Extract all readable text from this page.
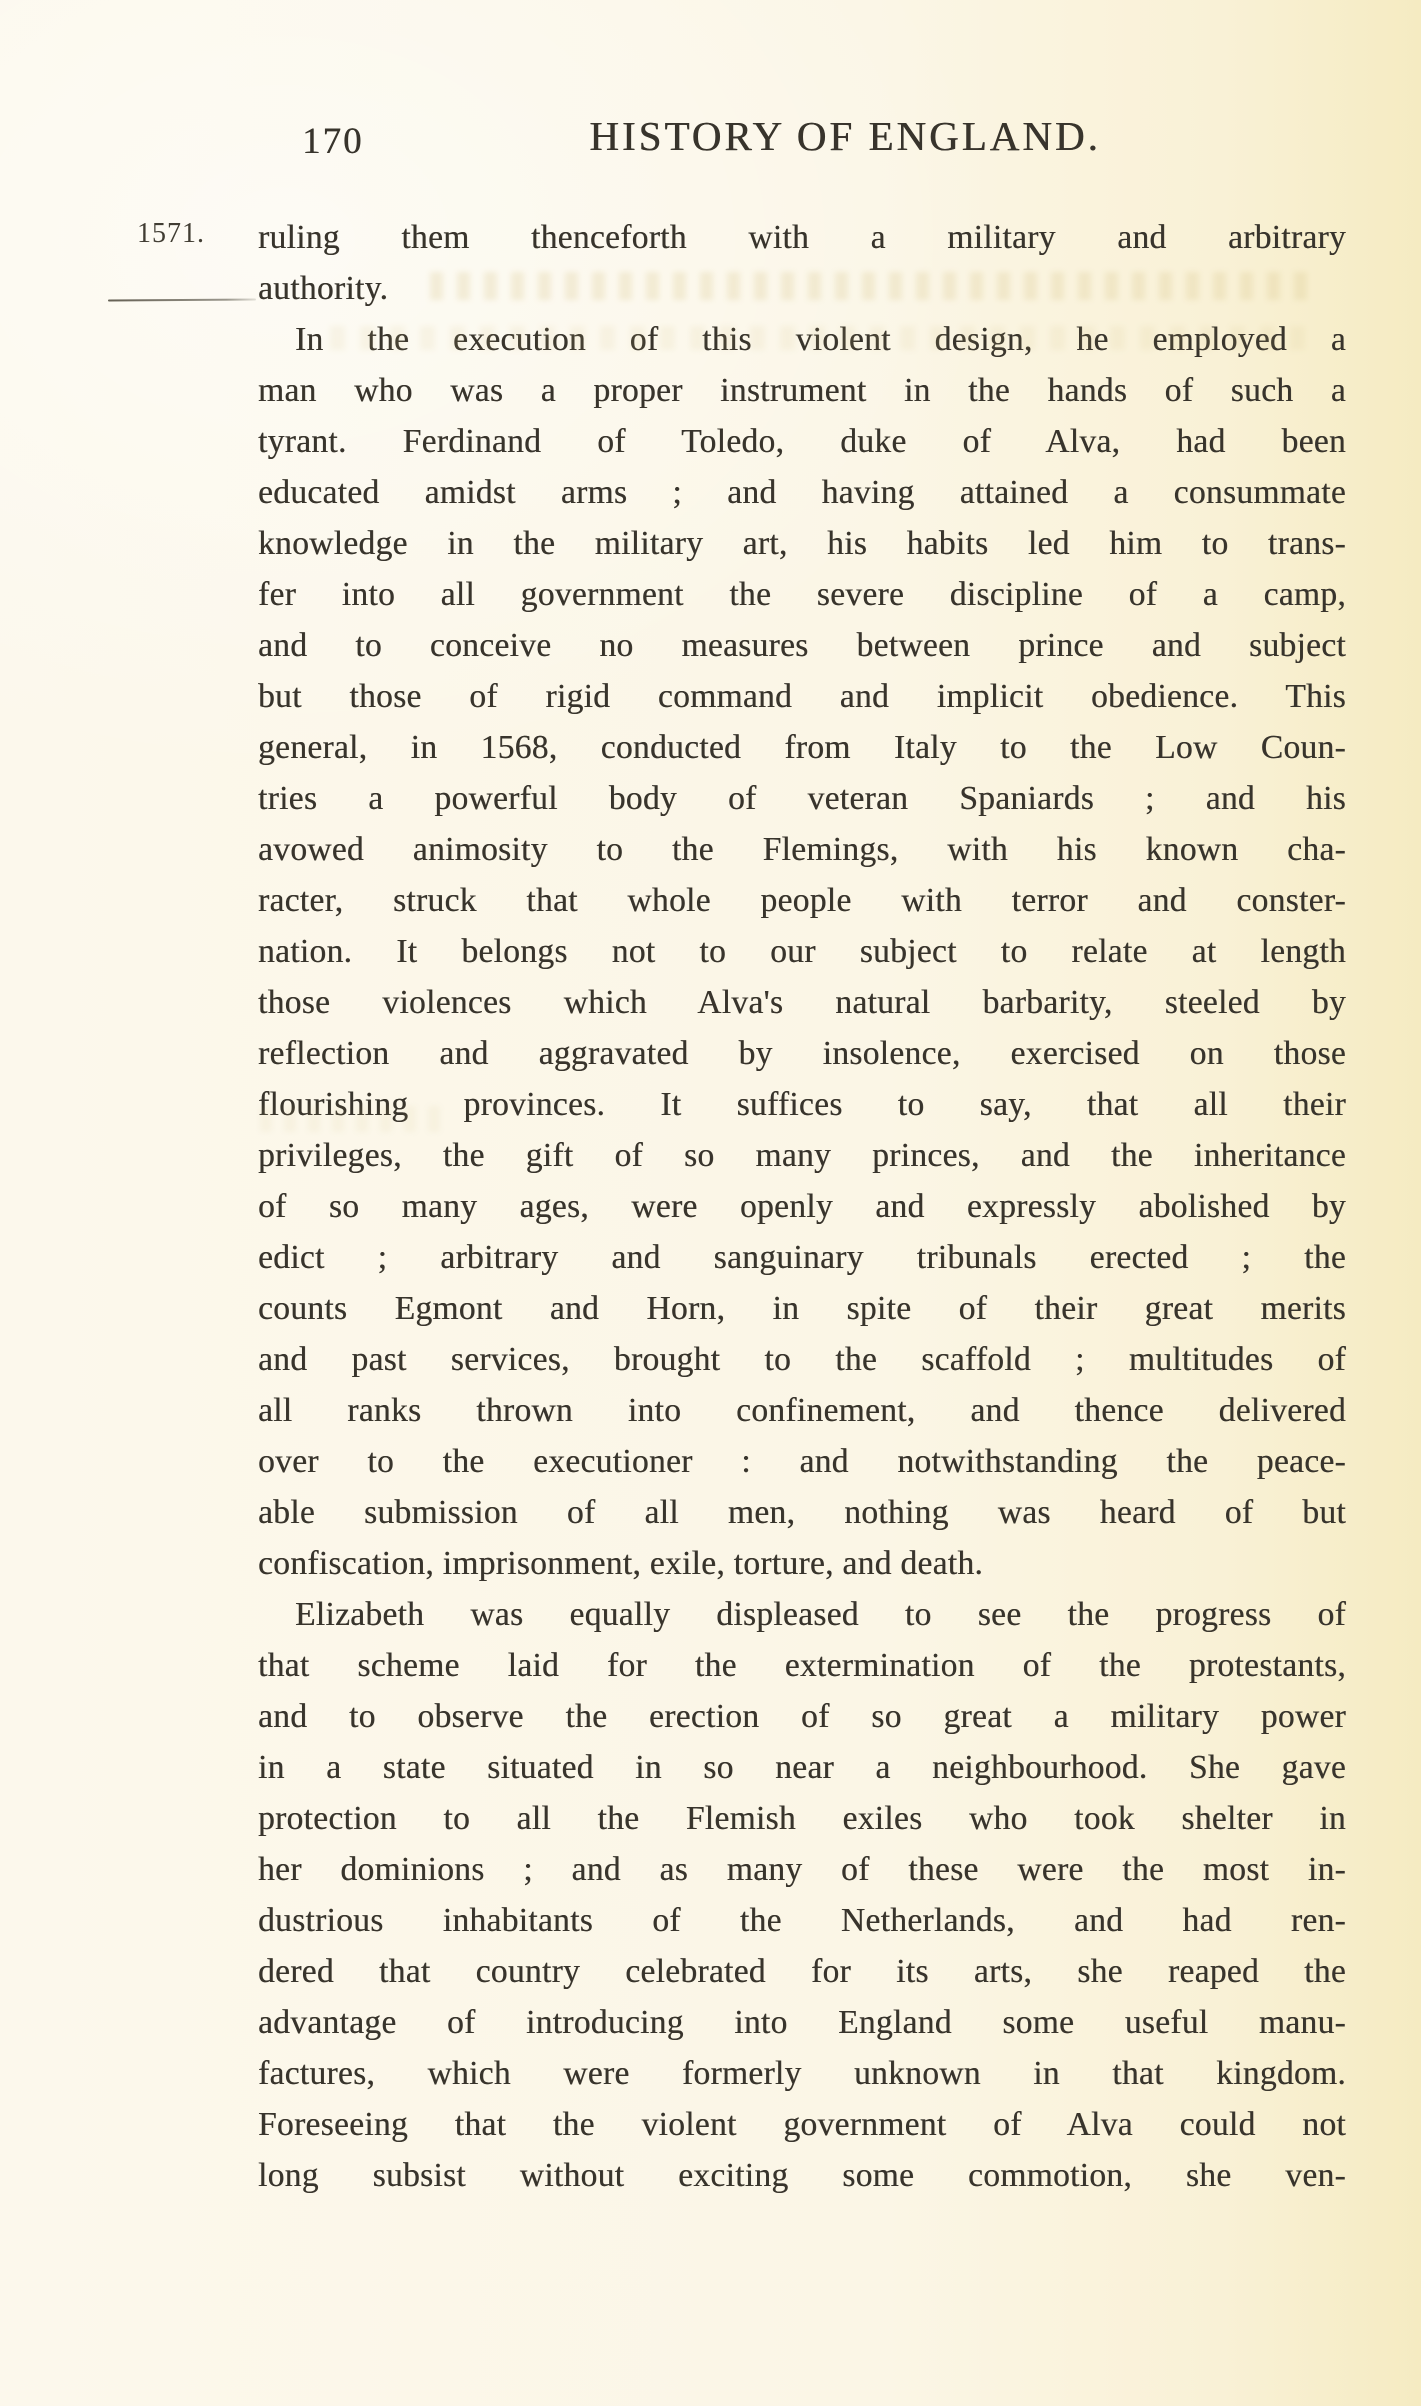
170	HISTORY OF ENGLAND.
1571.	ruling them thenceforth with a military and arbitrary
authority.
In the execution of this violent design, he employed a
man who was a proper instrument in the hands of such a
tyrant. Ferdinand of Toledo, duke of Alva, had been
educated amidst arms ; and having attained a consummate
knowledge in the military art, his habits led him to trans-
fer into all government the severe discipline of a camp,
and to conceive no measures between prince and subject
but those of rigid command and implicit obedience. This
general, in 1568, conducted from Italy to the Low Coun-
tries a powerful body of veteran Spaniards ; and his
avowed animosity to the Flemings, with his known cha-
racter, struck that whole people with terror and conster-
nation. It belongs not to our subject to relate at length
those violences which Alva's natural barbarity, steeled by
reflection and aggravated by insolence, exercised on those
flourishing provinces. It suffices to say, that all their
privileges, the gift of so many princes, and the inheritance
of so many ages, were openly and expressly abolished by
edict ; arbitrary and sanguinary tribunals erected ; the
counts Egmont and Horn, in spite of their great merits
and past services, brought to the scaffold ; multitudes of
all ranks thrown into confinement, and thence delivered
over to the executioner : and notwithstanding the peace-
able submission of all men, nothing was heard of but
confiscation, imprisonment, exile, torture, and death.
Elizabeth was equally displeased to see the progress of
that scheme laid for the extermination of the protestants,
and to observe the erection of so great a military power
in a state situated in so near a neighbourhood. She gave
protection to all the Flemish exiles who took shelter in
her dominions ; and as many of these were the most in-
dustrious inhabitants of the Netherlands, and had ren-
dered that country celebrated for its arts, she reaped the
advantage of introducing into England some useful manu-
factures, which were formerly unknown in that kingdom.
Foreseeing that the violent government of Alva could not
long subsist without exciting some commotion, she ven-
